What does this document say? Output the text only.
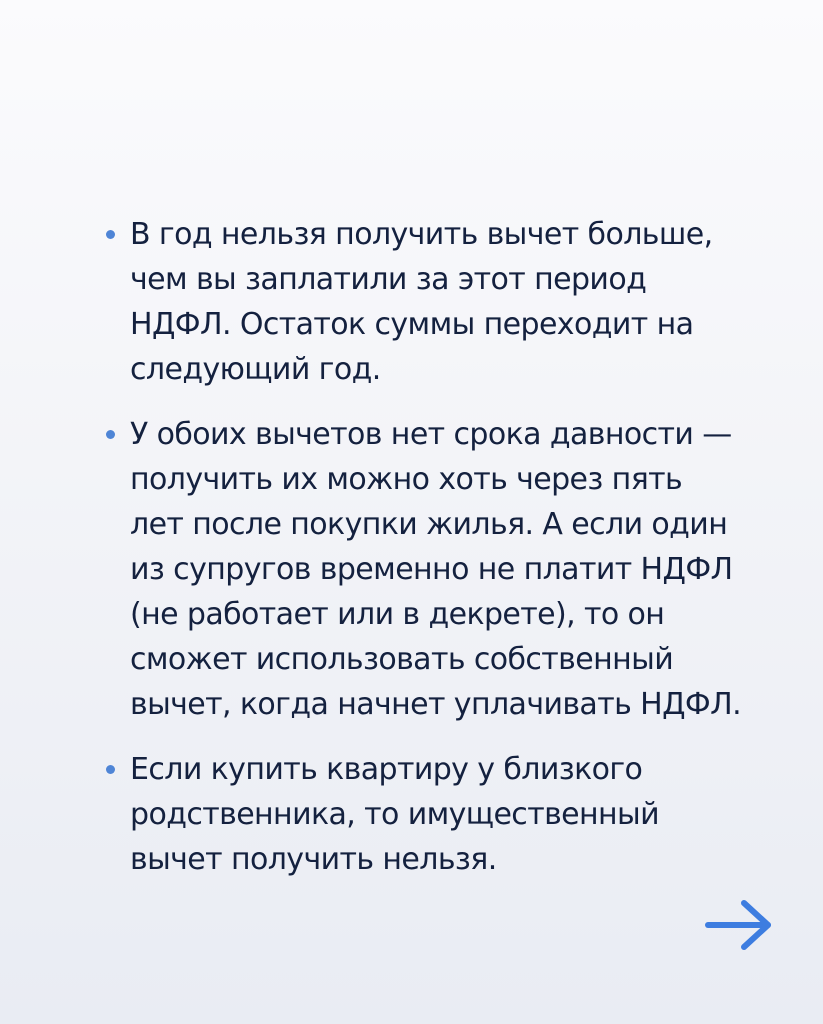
В год нельзя получить вычет больше,
чем вы заплатили за этот период
НДФЛ. Остаток суммы переходит на
следующий год.
У обоих вычетов нет срока давности —
получить их можно хоть через пять
лет после покупки жилья. А если один
из супругов временно не платит НДФЛ
(не работает или в декрете), то он
сможет использовать собственный
вычет, когда начнет уплачивать НДФЛ.
Если купить квартиру у близкого
родственника, то имущественный
вычет получить нельзя.
